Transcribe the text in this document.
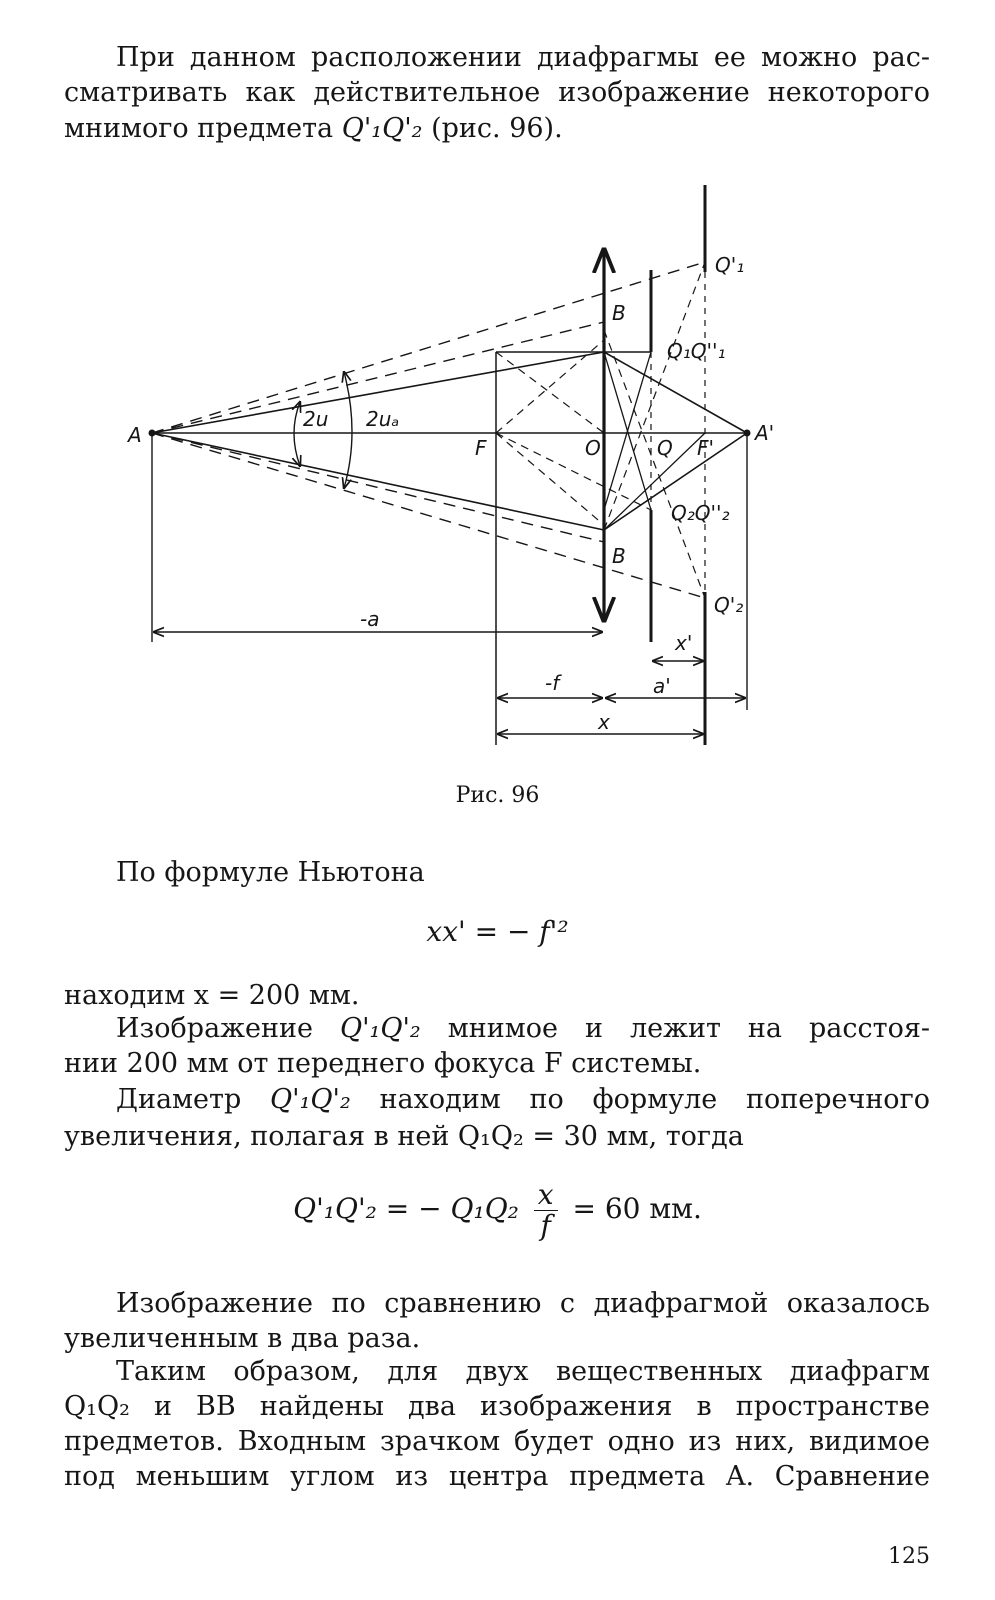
При данном расположении диафрагмы ее можно рас-

сматривать как действительное изображение некоторого

мнимого предмета Q'₁Q'₂ (рис. 96).

A	A'
F	F'
O	Q
B
B
Q'₁
Q₁Q''₁
Q₂Q''₂
Q'₂
2u 2uₐ
-a
-f	a'
x
x'
Рис. 96

По формуле Ньютона

xx' = − f'²

находим x = 200 мм.

Изображение Q'₁Q'₂ мнимое и лежит на расстоя-

нии 200 мм от переднего фокуса F системы.

Диаметр Q'₁Q'₂ находим по формуле поперечного

увеличения, полагая в ней Q₁Q₂ = 30 мм, тогда

Q'₁Q'₂ = − $Q_1Q_2 \frac{x}{f} = 60$ мм.

Изображение по сравнению с диафрагмой оказалось

увеличенным в два раза.

Таким образом, для двух вещественных диафрагм

Q₁Q₂ и BB найдены два изображения в пространстве

предметов. Входным зрачком будет одно из них, видимое

под меньшим углом из центра предмета A. Сравнение

125
